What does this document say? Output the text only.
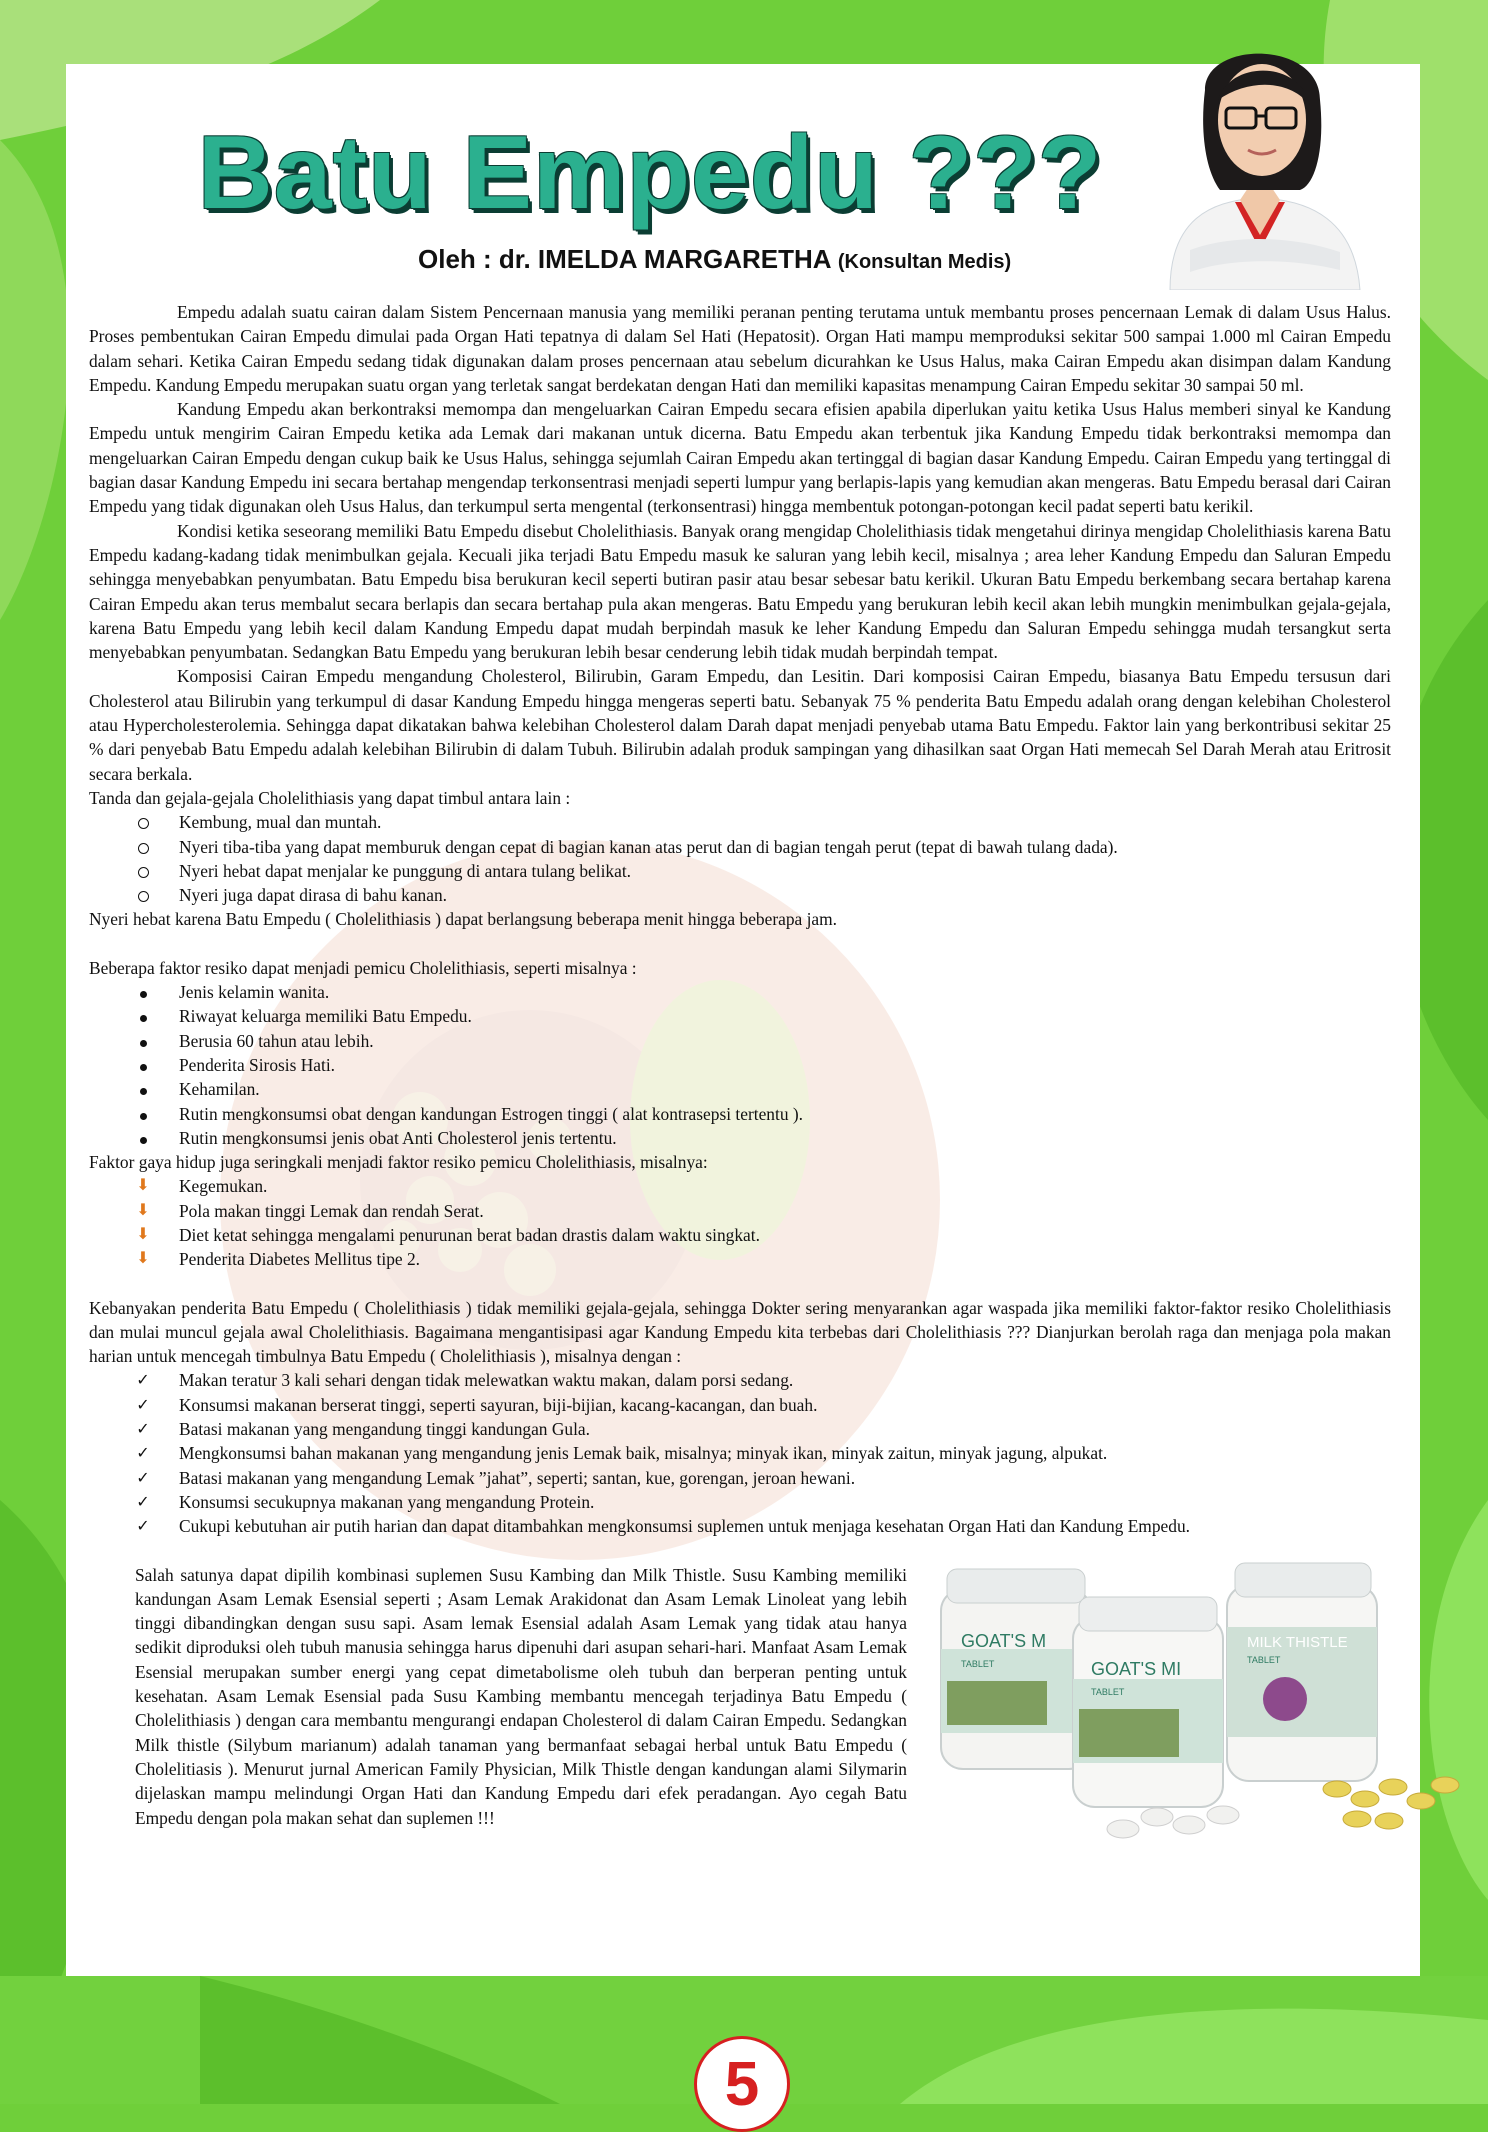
Batu Empedu ???
Oleh : dr. IMELDA MARGARETHA (Konsultan Medis)

Empedu adalah suatu cairan dalam Sistem Pencernaan manusia yang memiliki peranan penting terutama untuk membantu proses pencernaan Lemak di dalam Usus Halus. Proses pembentukan Cairan Empedu dimulai pada Organ Hati tepatnya di dalam Sel Hati (Hepatosit). Organ Hati mampu memproduksi sekitar 500 sampai 1.000 ml Cairan Empedu dalam sehari. Ketika Cairan Empedu sedang tidak digunakan dalam proses pencernaan atau sebelum dicurahkan ke Usus Halus, maka Cairan Empedu akan disimpan dalam Kandung Empedu. Kandung Empedu merupakan suatu organ yang terletak sangat berdekatan dengan Hati dan memiliki kapasitas menampung Cairan Empedu sekitar 30 sampai 50 ml.

Kandung Empedu akan berkontraksi memompa dan mengeluarkan Cairan Empedu secara efisien apabila diperlukan yaitu ketika Usus Halus memberi sinyal ke Kandung Empedu untuk mengirim Cairan Empedu ketika ada Lemak dari makanan untuk dicerna. Batu Empedu akan terbentuk jika Kandung Empedu tidak berkontraksi memompa dan mengeluarkan Cairan Empedu dengan cukup baik ke Usus Halus, sehingga sejumlah Cairan Empedu akan tertinggal di bagian dasar Kandung Empedu. Cairan Empedu yang tertinggal di bagian dasar Kandung Empedu ini secara bertahap mengendap terkonsentrasi menjadi seperti lumpur yang berlapis-lapis yang kemudian akan mengeras. Batu Empedu berasal dari Cairan Empedu yang tidak digunakan oleh Usus Halus, dan terkumpul serta mengental (terkonsentrasi) hingga membentuk potongan-potongan kecil padat seperti batu kerikil.

Kondisi ketika seseorang memiliki Batu Empedu disebut Cholelithiasis. Banyak orang mengidap Cholelithiasis tidak mengetahui dirinya mengidap Cholelithiasis karena Batu Empedu kadang-kadang tidak menimbulkan gejala. Kecuali jika terjadi Batu Empedu masuk ke saluran yang lebih kecil, misalnya ; area leher Kandung Empedu dan Saluran Empedu sehingga menyebabkan penyumbatan. Batu Empedu bisa berukuran kecil seperti butiran pasir atau besar sebesar batu kerikil. Ukuran Batu Empedu berkembang secara bertahap karena Cairan Empedu akan terus membalut secara berlapis dan secara bertahap pula akan mengeras. Batu Empedu yang berukuran lebih kecil akan lebih mungkin menimbulkan gejala-gejala, karena Batu Empedu yang lebih kecil dalam Kandung Empedu dapat mudah berpindah masuk ke leher Kandung Empedu dan Saluran Empedu sehingga mudah tersangkut serta menyebabkan penyumbatan. Sedangkan Batu Empedu yang berukuran lebih besar cenderung lebih tidak mudah berpindah tempat.

Komposisi Cairan Empedu mengandung Cholesterol, Bilirubin, Garam Empedu, dan Lesitin. Dari komposisi Cairan Empedu, biasanya Batu Empedu tersusun dari Cholesterol atau Bilirubin yang terkumpul di dasar Kandung Empedu hingga mengeras seperti batu. Sebanyak 75 % penderita Batu Empedu adalah orang dengan kelebihan Cholesterol atau Hypercholesterolemia. Sehingga dapat dikatakan bahwa kelebihan Cholesterol dalam Darah dapat menjadi penyebab utama Batu Empedu. Faktor lain yang berkontribusi sekitar 25 % dari penyebab Batu Empedu adalah kelebihan Bilirubin di dalam Tubuh. Bilirubin adalah produk sampingan yang dihasilkan saat Organ Hati memecah Sel Darah Merah atau Eritrosit secara berkala.

Tanda dan gejala-gejala Cholelithiasis yang dapat timbul antara lain :

Kembung, mual dan muntah.
Nyeri tiba-tiba yang dapat memburuk dengan cepat di bagian kanan atas perut dan di bagian tengah perut (tepat di bawah tulang dada).
Nyeri hebat dapat menjalar ke punggung di antara tulang belikat.
Nyeri juga dapat dirasa di bahu kanan.

Nyeri hebat karena Batu Empedu ( Cholelithiasis ) dapat berlangsung beberapa menit hingga beberapa jam.

Beberapa faktor resiko dapat menjadi pemicu Cholelithiasis, seperti misalnya :

Jenis kelamin wanita.
Riwayat keluarga memiliki Batu Empedu.
Berusia 60 tahun atau lebih.
Penderita Sirosis Hati.
Kehamilan.
Rutin mengkonsumsi obat dengan kandungan Estrogen tinggi ( alat kontrasepsi tertentu ).
Rutin mengkonsumsi jenis obat Anti Cholesterol jenis tertentu.

Faktor gaya hidup juga seringkali menjadi faktor resiko pemicu Cholelithiasis, misalnya:

⬇ Kegemukan.
⬇ Pola makan tinggi Lemak dan rendah Serat.
⬇ Diet ketat sehingga mengalami penurunan berat badan drastis dalam waktu singkat.
⬇ Penderita Diabetes Mellitus tipe 2.

Kebanyakan penderita Batu Empedu ( Cholelithiasis ) tidak memiliki gejala-gejala, sehingga Dokter sering menyarankan agar waspada jika memiliki faktor-faktor resiko Cholelithiasis dan mulai muncul gejala awal Cholelithiasis. Bagaimana mengantisipasi agar Kandung Empedu kita terbebas dari Cholelithiasis ??? Dianjurkan berolah raga dan menjaga pola makan harian untuk mencegah timbulnya Batu Empedu ( Cholelithiasis ), misalnya dengan :

✓ Makan teratur 3 kali sehari dengan tidak melewatkan waktu makan, dalam porsi sedang.
✓ Konsumsi makanan berserat tinggi, seperti sayuran, biji-bijian, kacang-kacangan, dan buah.
✓ Batasi makanan yang mengandung tinggi kandungan Gula.
✓ Mengkonsumsi bahan makanan yang mengandung jenis Lemak baik, misalnya; minyak ikan, minyak zaitun, minyak jagung, alpukat.
✓ Batasi makanan yang mengandung Lemak ”jahat”, seperti; santan, kue, gorengan, jeroan hewani.
✓ Konsumsi secukupnya makanan yang mengandung Protein.
✓ Cukupi kebutuhan air putih harian dan dapat ditambahkan mengkonsumsi suplemen untuk menjaga kesehatan Organ Hati dan Kandung Empedu.
Salah satunya dapat dipilih kombinasi suplemen Susu Kambing dan Milk Thistle. Susu Kambing memiliki kandungan Asam Lemak Esensial seperti ; Asam Lemak Arakidonat dan Asam Lemak Linoleat yang lebih tinggi dibandingkan dengan susu sapi. Asam lemak Esensial adalah Asam Lemak yang tidak atau hanya sedikit diproduksi oleh tubuh manusia sehingga harus dipenuhi dari asupan sehari-hari. Manfaat Asam Lemak Esensial merupakan sumber energi yang cepat dimetabolisme oleh tubuh dan berperan penting untuk kesehatan. Asam Lemak Esensial pada Susu Kambing membantu mencegah terjadinya Batu Empedu ( Cholelithiasis ) dengan cara membantu mengurangi endapan Cholesterol di dalam Cairan Empedu. Sedangkan Milk thistle (Silybum marianum) adalah tanaman yang bermanfaat sebagai herbal untuk Batu Empedu ( Cholelitiasis ). Menurut jurnal American Family Physician, Milk Thistle dengan kandungan alami Silymarin dijelaskan mampu melindungi Organ Hati dan Kandung Empedu dari efek peradangan. Ayo cegah Batu Empedu dengan pola makan sehat dan suplemen !!!
GOAT'S M
TABLET	GOAT'S MI
TABLET
MILK THISTLE
TABLET
5
